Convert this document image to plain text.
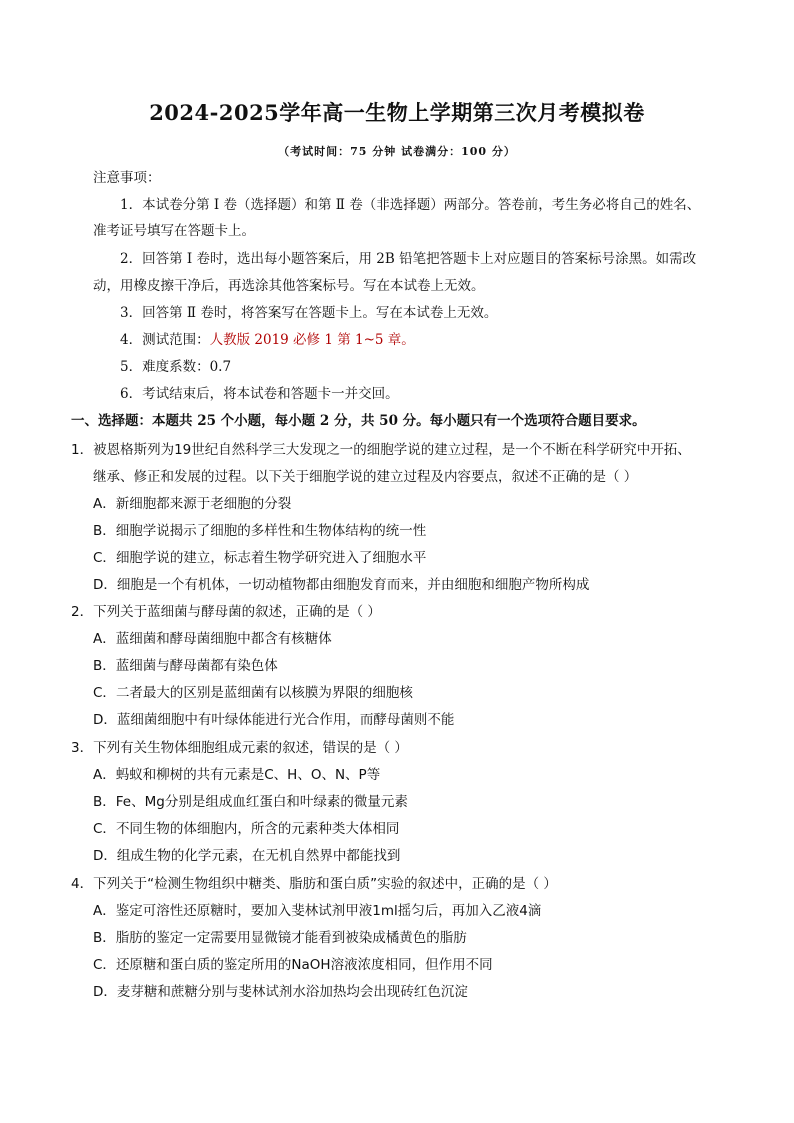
2024-2025学年高一生物上学期第三次月考模拟卷
（考试时间：75 分钟 试卷满分：100 分）
注意事项：
1．本试卷分第 Ⅰ 卷（选择题）和第 Ⅱ 卷（非选择题）两部分。答卷前，考生务必将自己的姓名、
准考证号填写在答题卡上。
2．回答第 Ⅰ 卷时，选出每小题答案后，用 2B 铅笔把答题卡上对应题目的答案标号涂黑。如需改
动，用橡皮擦干净后，再选涂其他答案标号。写在本试卷上无效。
3．回答第 Ⅱ 卷时，将答案写在答题卡上。写在本试卷上无效。
4．测试范围：人教版 2019 必修 1 第 1~5 章。
5．难度系数：0.7
6．考试结束后，将本试卷和答题卡一并交回。
一、选择题：本题共 25 个小题，每小题 2 分，共 50 分。每小题只有一个选项符合题目要求。
1．被恩格斯列为19世纪自然科学三大发现之一的细胞学说的建立过程，是一个不断在科学研究中开拓、
继承、修正和发展的过程。以下关于细胞学说的建立过程及内容要点，叙述不正确的是（ ）
A．新细胞都来源于老细胞的分裂
B．细胞学说揭示了细胞的多样性和生物体结构的统一性
C．细胞学说的建立，标志着生物学研究进入了细胞水平
D．细胞是一个有机体，一切动植物都由细胞发育而来，并由细胞和细胞产物所构成
2．下列关于蓝细菌与酵母菌的叙述，正确的是（ ）
A．蓝细菌和酵母菌细胞中都含有核糖体
B．蓝细菌与酵母菌都有染色体
C．二者最大的区别是蓝细菌有以核膜为界限的细胞核
D．蓝细菌细胞中有叶绿体能进行光合作用，而酵母菌则不能
3．下列有关生物体细胞组成元素的叙述，错误的是（ ）
A．蚂蚁和柳树的共有元素是C、H、O、N、P等
B．Fe、Mg分别是组成血红蛋白和叶绿素的微量元素
C．不同生物的体细胞内，所含的元素种类大体相同
D．组成生物的化学元素，在无机自然界中都能找到
4．下列关于“检测生物组织中糖类、脂肪和蛋白质”实验的叙述中，正确的是（ ）
A．鉴定可溶性还原糖时，要加入斐林试剂甲液1ml摇匀后，再加入乙液4滴
B．脂肪的鉴定一定需要用显微镜才能看到被染成橘黄色的脂肪
C．还原糖和蛋白质的鉴定所用的NaOH溶液浓度相同，但作用不同
D．麦芽糖和蔗糖分别与斐林试剂水浴加热均会出现砖红色沉淀
